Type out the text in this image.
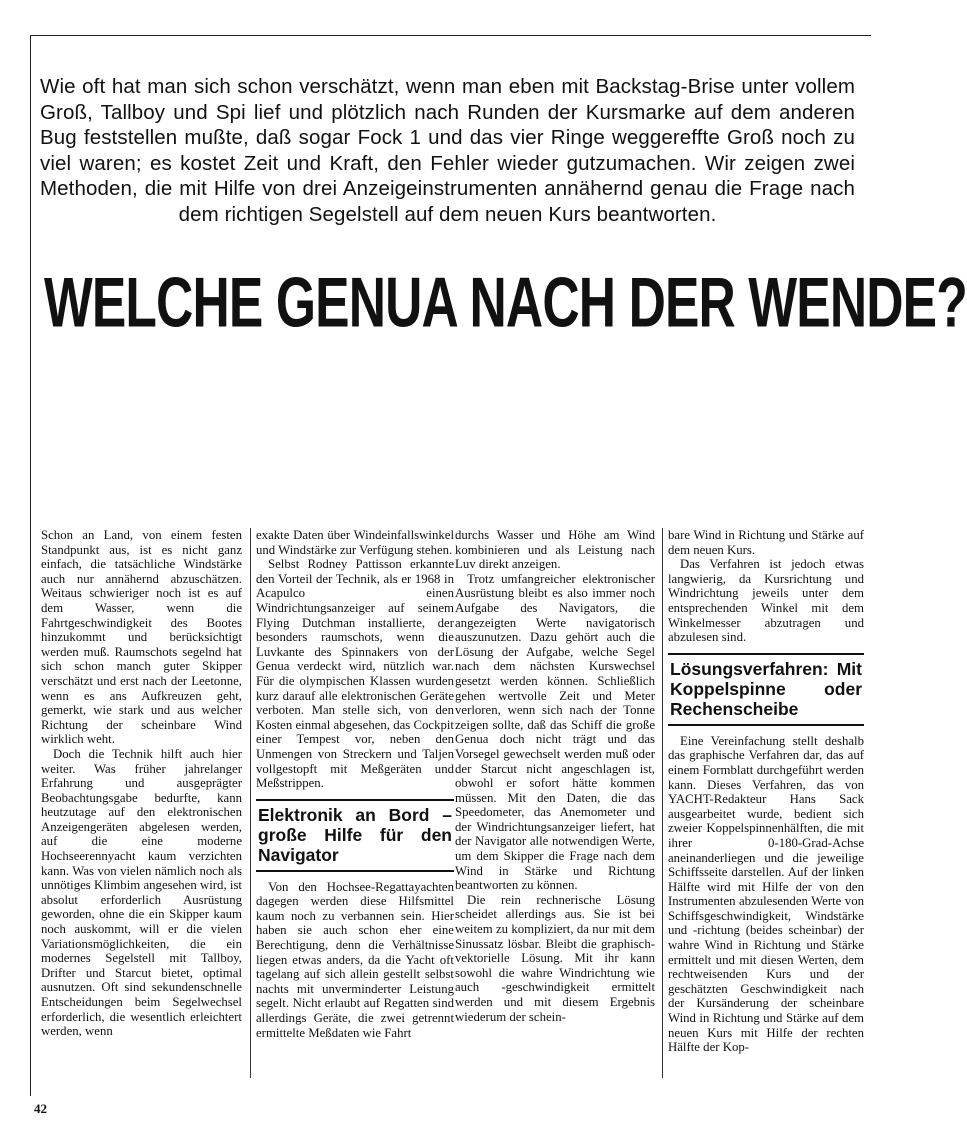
Wie oft hat man sich schon verschätzt, wenn man eben mit Backstag-Brise unter vollem Groß, Tallboy und Spi lief und plötzlich nach Runden der Kursmarke auf dem anderen Bug feststellen mußte, daß sogar Fock 1 und das vier Ringe weggereffte Groß noch zu viel waren; es kostet Zeit und Kraft, den Fehler wieder gutzumachen. Wir zeigen zwei Methoden, die mit Hilfe von drei Anzeigeinstrumenten annähernd genau die Frage nach dem richtigen Segelstell auf dem neuen Kurs beantworten.
WELCHE GENUA NACH DER WENDE?

Schon an Land, von einem festen Standpunkt aus, ist es nicht ganz einfach, die tatsächliche Windstärke auch nur annähernd abzuschätzen. Weitaus schwieriger noch ist es auf dem Wasser, wenn die Fahrtgeschwindigkeit des Bootes hinzukommt und berücksichtigt werden muß. Raumschots segelnd hat sich schon manch guter Skipper verschätzt und erst nach der Leetonne, wenn es ans Aufkreuzen geht, gemerkt, wie stark und aus welcher Richtung der scheinbare Wind wirklich weht.

Doch die Technik hilft auch hier weiter. Was früher jahrelanger Erfahrung und ausgeprägter Beobachtungsgabe bedurfte, kann heutzutage auf den elektronischen Anzeigengeräten abgelesen werden, auf die eine moderne Hochseerennyacht kaum verzichten kann. Was von vielen nämlich noch als unnötiges Klimbim angesehen wird, ist absolut erforderlich Ausrüstung geworden, ohne die ein Skipper kaum noch auskommt, will er die vielen Variationsmöglichkeiten, die ein modernes Segelstell mit Tallboy, Drifter und Starcut bietet, optimal ausnutzen. Oft sind sekundenschnelle Entscheidungen beim Segelwechsel erforderlich, die wesentlich erleichtert werden, wenn

exakte Daten über Windeinfallswinkel und Windstärke zur Verfügung stehen.

Selbst Rodney Pattisson erkannte den Vorteil der Technik, als er 1968 in Acapulco einen Windrichtungsanzeiger auf seinem Flying Dutchman installierte, der besonders raumschots, wenn die Luvkante des Spinnakers von der Genua verdeckt wird, nützlich war. Für die olympischen Klassen wurden kurz darauf alle elektronischen Geräte verboten. Man stelle sich, von den Kosten einmal abgesehen, das Cockpit einer Tempest vor, neben den Unmengen von Streckern und Taljen vollgestopft mit Meßgeräten und Meßstrippen.

Elektronik an Bord – große Hilfe für den Navigator

Von den Hochsee-Regattayachten dagegen werden diese Hilfsmittel kaum noch zu verbannen sein. Hier haben sie auch schon eher eine Berechtigung, denn die Verhältnisse liegen etwas anders, da die Yacht oft tagelang auf sich allein gestellt selbst nachts mit unverminderter Leistung segelt. Nicht erlaubt auf Regatten sind allerdings Geräte, die zwei getrennt ermittelte Meßdaten wie Fahrt

durchs Wasser und Höhe am Wind kombinieren und als Leistung nach Luv direkt anzeigen.

Trotz umfangreicher elektronischer Ausrüstung bleibt es also immer noch Aufgabe des Navigators, die angezeigten Werte navigatorisch auszunutzen. Dazu gehört auch die Lösung der Aufgabe, welche Segel nach dem nächsten Kurswechsel gesetzt werden können. Schließlich gehen wertvolle Zeit und Meter verloren, wenn sich nach der Tonne zeigen sollte, daß das Schiff die große Genua doch nicht trägt und das Vorsegel gewechselt werden muß oder der Starcut nicht angeschlagen ist, obwohl er sofort hätte kommen müssen. Mit den Daten, die das Speedometer, das Anemometer und der Windrichtungsanzeiger liefert, hat der Navigator alle notwendigen Werte, um dem Skipper die Frage nach dem Wind in Stärke und Richtung beantworten zu können.

Die rein rechnerische Lösung scheidet allerdings aus. Sie ist bei weitem zu kompliziert, da nur mit dem Sinussatz lösbar. Bleibt die graphisch-vektorielle Lösung. Mit ihr kann sowohl die wahre Windrichtung wie auch -geschwindigkeit ermittelt werden und mit diesem Ergebnis wiederum der schein-

bare Wind in Richtung und Stärke auf dem neuen Kurs.

Das Verfahren ist jedoch etwas langwierig, da Kursrichtung und Windrichtung jeweils unter dem entsprechenden Winkel mit dem Winkelmesser abzutragen und abzulesen sind.

Lösungsverfahren: Mit Koppelspinne oder Rechenscheibe

Eine Vereinfachung stellt deshalb das graphische Verfahren dar, das auf einem Formblatt durchgeführt werden kann. Dieses Verfahren, das von YACHT-Redakteur Hans Sack ausgearbeitet wurde, bedient sich zweier Koppelspinnenhälften, die mit ihrer 0-180-Grad-Achse aneinanderliegen und die jeweilige Schiffsseite darstellen. Auf der linken Hälfte wird mit Hilfe der von den Instrumenten abzulesenden Werte von Schiffsgeschwindigkeit, Windstärke und -richtung (beides scheinbar) der wahre Wind in Richtung und Stärke ermittelt und mit diesen Werten, dem rechtweisenden Kurs und der geschätzten Geschwindigkeit nach der Kursänderung der scheinbare Wind in Richtung und Stärke auf dem neuen Kurs mit Hilfe der rechten Hälfte der Kop-

42
